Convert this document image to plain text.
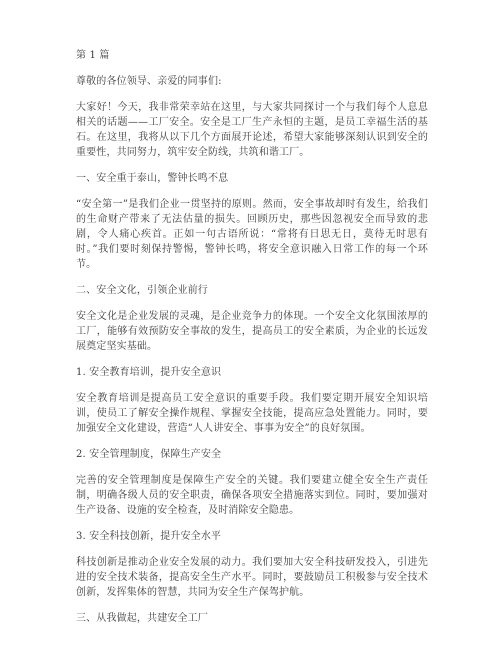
第 1 篇

尊敬的各位领导、亲爱的同事们:

大家好！今天，我非常荣幸站在这里，与大家共同探讨一个与我们每个人息息相关的话题——工厂安全。安全是工厂生产永恒的主题，是员工幸福生活的基石。在这里，我将从以下几个方面展开论述，希望大家能够深刻认识到安全的重要性，共同努力，筑牢安全防线，共筑和谐工厂。

一、安全重于泰山，警钟长鸣不息

“安全第一”是我们企业一贯坚持的原则。然而，安全事故却时有发生，给我们的生命财产带来了无法估量的损失。回顾历史，那些因忽视安全而导致的悲剧，令人痛心疾首。正如一句古语所说：“常将有日思无日，莫待无时思有时。”我们要时刻保持警惕，警钟长鸣，将安全意识融入日常工作的每一个环节。

二、安全文化，引领企业前行

安全文化是企业发展的灵魂，是企业竞争力的体现。一个安全文化氛围浓厚的工厂，能够有效预防安全事故的发生，提高员工的安全素质，为企业的长远发展奠定坚实基础。

1. 安全教育培训，提升安全意识

安全教育培训是提高员工安全意识的重要手段。我们要定期开展安全知识培训，使员工了解安全操作规程、掌握安全技能，提高应急处置能力。同时，要加强安全文化建设，营造“人人讲安全、事事为安全”的良好氛围。

2. 安全管理制度，保障生产安全

完善的安全管理制度是保障生产安全的关键。我们要建立健全安全生产责任制，明确各级人员的安全职责，确保各项安全措施落实到位。同时，要加强对生产设备、设施的安全检查，及时消除安全隐患。

3. 安全科技创新，提升安全水平

科技创新是推动企业安全发展的动力。我们要加大安全科技研发投入，引进先进的安全技术装备，提高安全生产水平。同时，要鼓励员工积极参与安全技术创新，发挥集体的智慧，共同为安全生产保驾护航。

三、从我做起，共建安全工厂
